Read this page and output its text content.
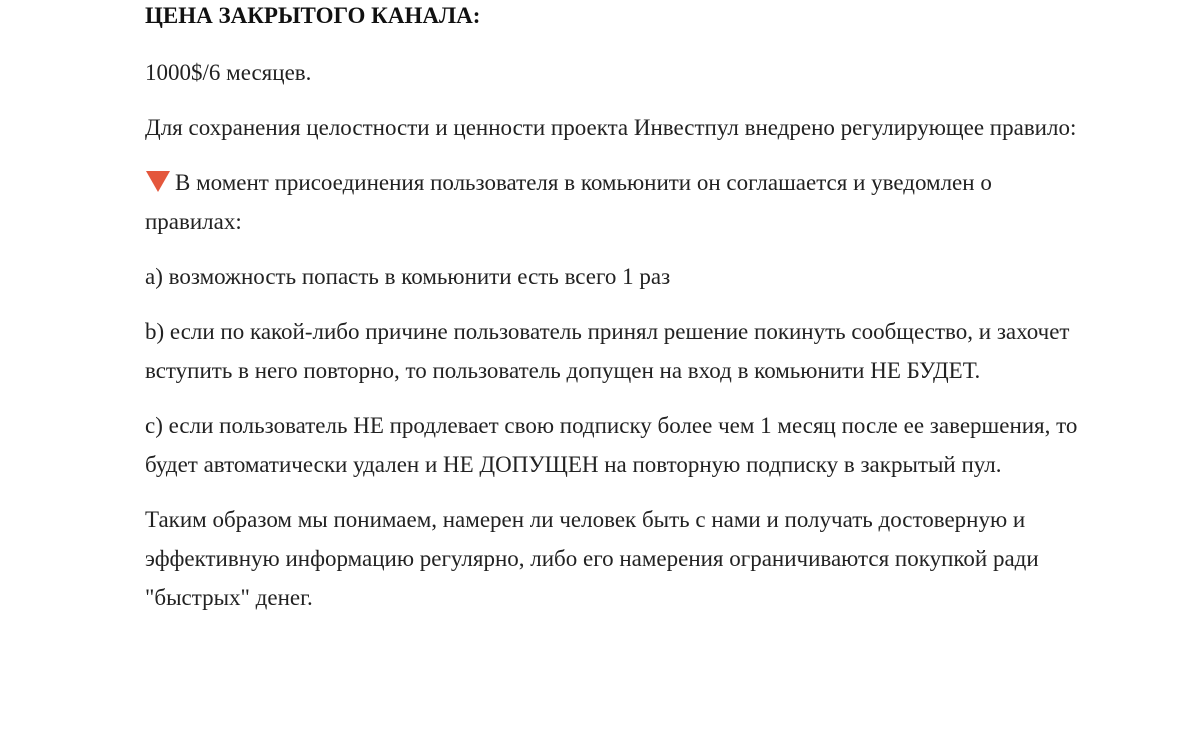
ЦЕНА ЗАКРЫТОГО КАНАЛА:

1000$/6 месяцев.

Для сохранения целостности и ценности проекта Инвестпул внедрено регулирующее правило:

В момент присоединения пользователя в комьюнити он соглашается и уведомлен о правилах:

a) возможность попасть в комьюнити есть всего 1 раз

b) если по какой-либо причине пользователь принял решение покинуть сообщество, и захочет вступить в него повторно, то пользователь допущен на вход в комьюнити НЕ БУДЕТ.

c) если пользователь НЕ продлевает свою подписку более чем 1 месяц после ее завершения, то будет автоматически удален и НЕ ДОПУЩЕН на повторную подписку в закрытый пул.

Таким образом мы понимаем, намерен ли человек быть с нами и получать достоверную и эффективную информацию регулярно, либо его намерения ограничиваются покупкой ради "быстрых" денег.
